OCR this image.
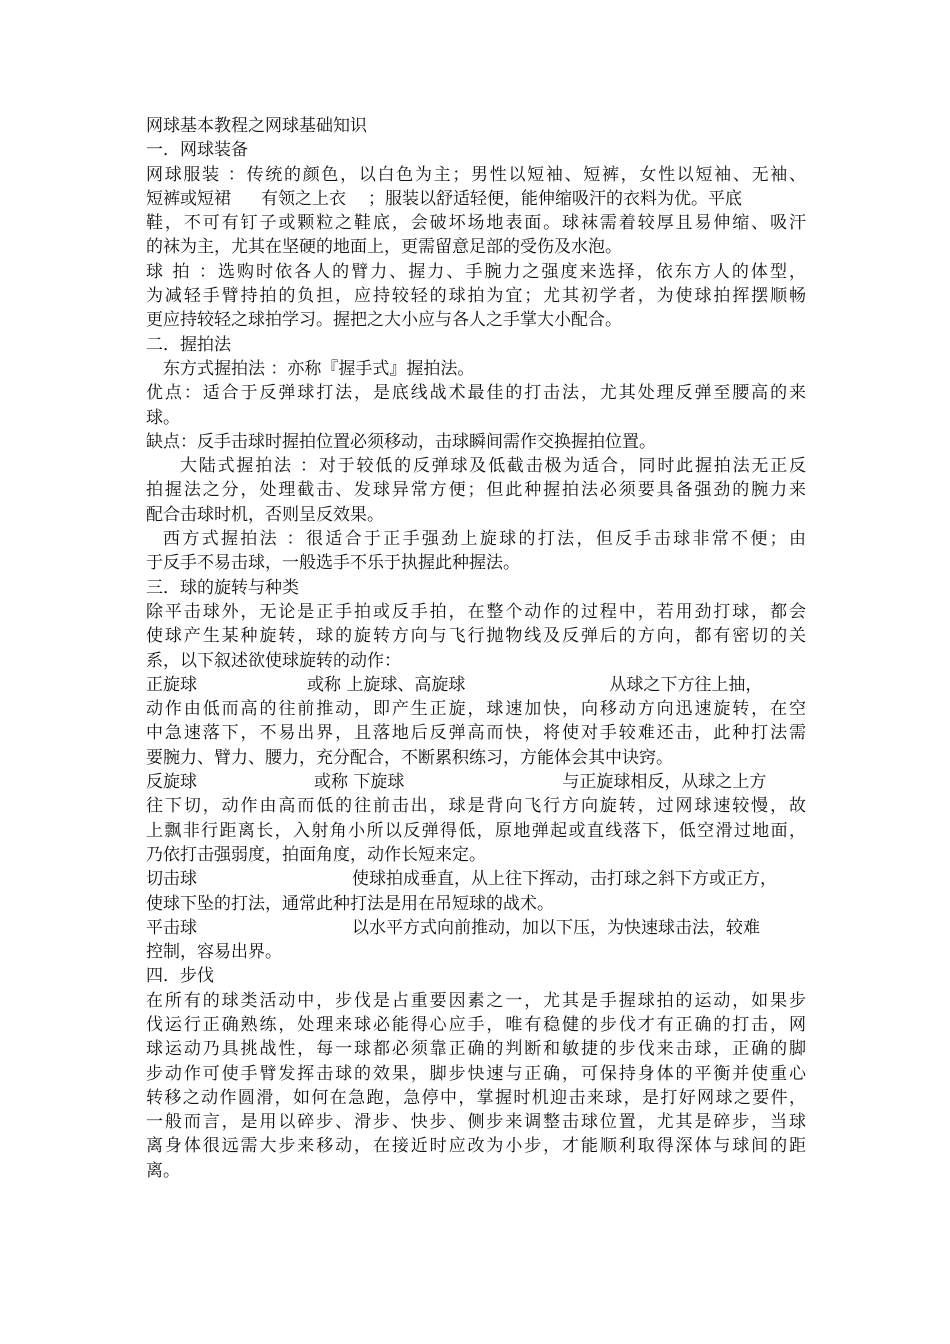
网球基本教程之网球基础知识
一．网球装备
网球服装 ：传统的颜色，以白色为主；男性以短袖、短裤，女性以短袖、无袖、
短裤或短裙 有领之上衣 ；服装以舒适轻便，能伸缩吸汗的衣料为优。平底
鞋，不可有钉子或颗粒之鞋底，会破坏场地表面。球袜需着较厚且易伸缩、吸汗
的袜为主，尤其在坚硬的地面上，更需留意足部的受伤及水泡。
球 拍 ：选购时依各人的臂力、握力、手腕力之强度来选择，依东方人的体型，
为减轻手臂持拍的负担，应持较轻的球拍为宜；尤其初学者，为使球拍挥摆顺畅
更应持较轻之球拍学习。握把之大小应与各人之手掌大小配合。
二．握拍法
东方式握拍法 ：亦称『握手式』握拍法。
优点：适合于反弹球打法，是底线战术最佳的打击法，尤其处理反弹至腰高的来
球。
缺点：反手击球时握拍位置必须移动，击球瞬间需作交换握拍位置。
大陆式握拍法 ：对于较低的反弹球及低截击极为适合，同时此握拍法无正反
拍握法之分，处理截击、发球异常方便；但此种握拍法必须要具备强劲的腕力来
配合击球时机，否则呈反效果。
西方式握拍法 ：很适合于正手强劲上旋球的打法，但反手击球非常不便；由
于反手不易击球，一般选手不乐于执握此种握法。
三．球的旋转与种类
除平击球外，无论是正手拍或反手拍，在整个动作的过程中，若用劲打球，都会
使球产生某种旋转，球的旋转方向与飞行抛物线及反弹后的方向，都有密切的关
系，以下叙述欲使球旋转的动作：
正旋球	或称 上旋球、高旋球	从球之下方往上抽，
动作由低而高的往前推动，即产生正旋，球速加快，向移动方向迅速旋转，在空
中急速落下，不易出界，且落地后反弹高而快，将使对手较难还击，此种打法需
要腕力、臂力、腰力，充分配合，不断累积练习，方能体会其中诀窍。
反旋球	或称 下旋球	与正旋球相反，从球之上方
往下切，动作由高而低的往前击出，球是背向飞行方向旋转，过网球速较慢，故
上飘非行距离长，入射角小所以反弹得低，原地弹起或直线落下，低空滑过地面，
乃依打击强弱度，拍面角度，动作长短来定。
切击球	使球拍成垂直，从上往下挥动，击打球之斜下方或正方，
使球下坠的打法，通常此种打法是用在吊短球的战术。
平击球	以水平方式向前推动，加以下压，为快速球击法，较难
控制，容易出界。
四．步伐
在所有的球类活动中，步伐是占重要因素之一，尤其是手握球拍的运动，如果步
伐运行正确熟练，处理来球必能得心应手，唯有稳健的步伐才有正确的打击，网
球运动乃具挑战性，每一球都必须靠正确的判断和敏捷的步伐来击球，正确的脚
步动作可使手臂发挥击球的效果，脚步快速与正确，可保持身体的平衡并使重心
转移之动作圆滑，如何在急跑，急停中，掌握时机迎击来球，是打好网球之要件，
一般而言，是用以碎步、滑步、快步、侧步来调整击球位置，尤其是碎步，当球
离身体很远需大步来移动，在接近时应改为小步，才能顺利取得深体与球间的距
离。
